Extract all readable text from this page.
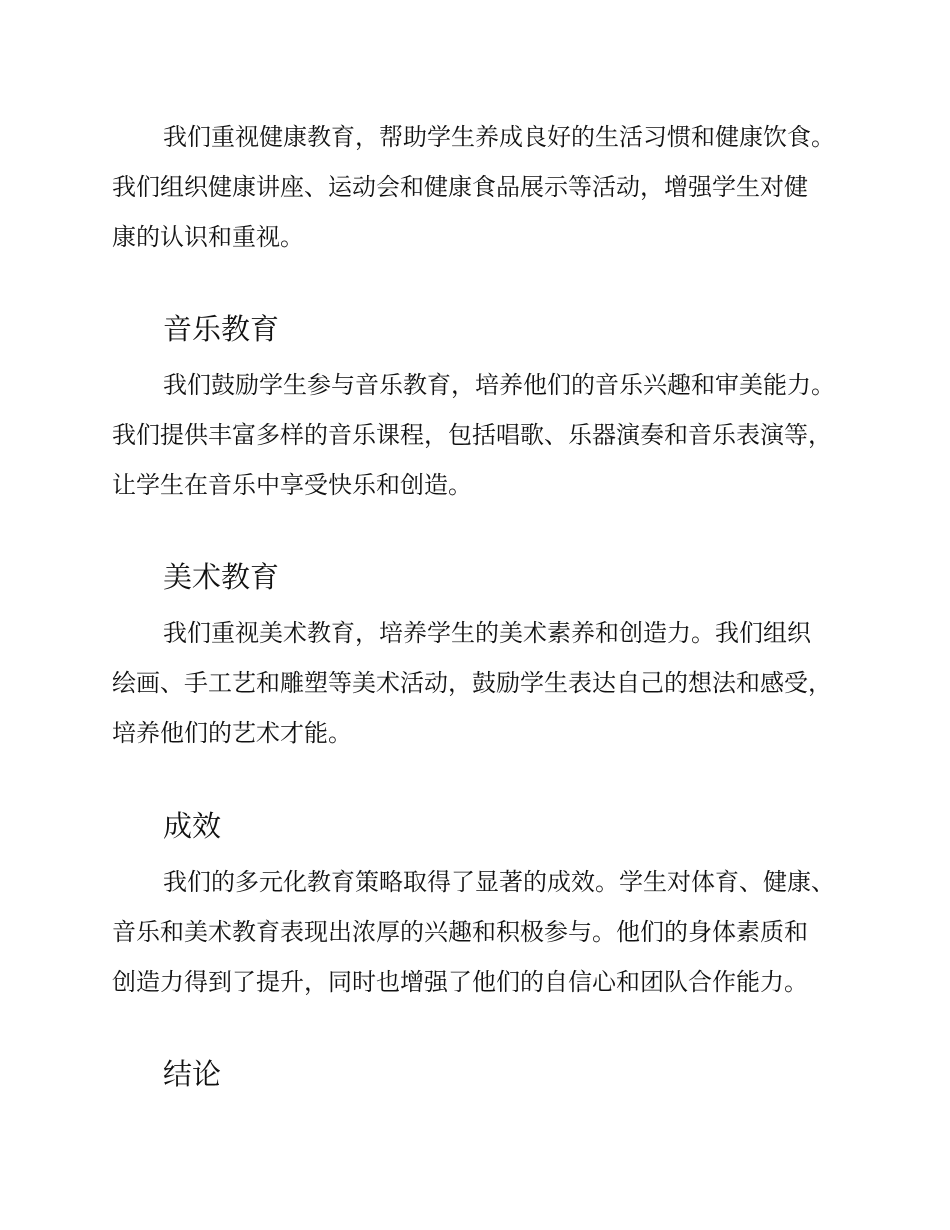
我们重视健康教育，帮助学生养成良好的生活习惯和健康饮食。
我们组织健康讲座、运动会和健康食品展示等活动，增强学生对健
康的认识和重视。
音乐教育
我们鼓励学生参与音乐教育，培养他们的音乐兴趣和审美能力。
我们提供丰富多样的音乐课程，包括唱歌、乐器演奏和音乐表演等，
让学生在音乐中享受快乐和创造。
美术教育
我们重视美术教育，培养学生的美术素养和创造力。我们组织
绘画、手工艺和雕塑等美术活动，鼓励学生表达自己的想法和感受，
培养他们的艺术才能。
成效
我们的多元化教育策略取得了显著的成效。学生对体育、健康、
音乐和美术教育表现出浓厚的兴趣和积极参与。他们的身体素质和
创造力得到了提升，同时也增强了他们的自信心和团队合作能力。
结论
